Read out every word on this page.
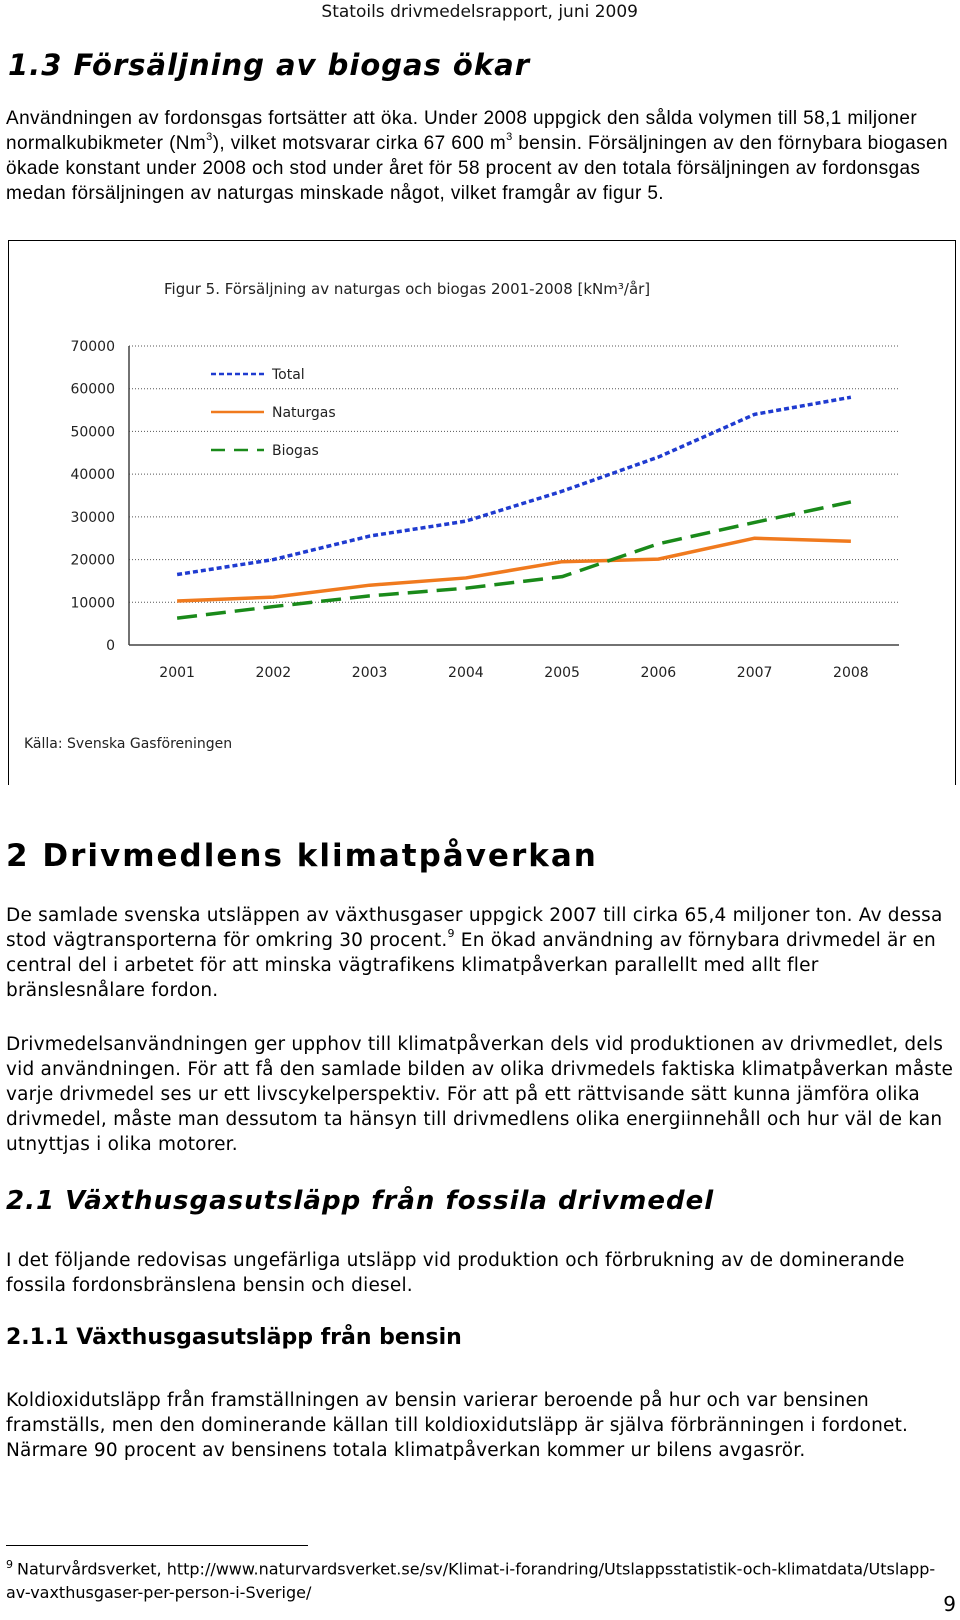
Statoils drivmedelsrapport, juni 2009
1.3 Försäljning av biogas ökar

Användningen av fordonsgas fortsätter att öka. Under 2008 uppgick den sålda volymen till 58,1 miljoner normalkubikmeter (Nm$^3$), vilket motsvarar cirka 67 600 $m^3$ bensin. Försäljningen av den förnybara biogasen ökade konstant under 2008 och stod under året för 58 procent av den totala försäljningen av fordonsgas medan försäljningen av naturgas minskade något, vilket framgår av figur 5.

Figur 5. Försäljning av naturgas och biogas 2001-2008 [kNm³/år]
0
10000
20000
30000
40000
50000
60000
70000
2001	2002	2003	2004	2005	2006	2007	2008
Total
Naturgas
Biogas
Källa: Svenska Gasföreningen
2 Drivmedlens klimatpåverkan

De samlade svenska utsläppen av växthusgaser uppgick 2007 till cirka 65,4 miljoner ton. Av dessa stod vägtransporterna för omkring 30 procent.$^9$ En ökad användning av förnybara drivmedel är en central del i arbetet för att minska vägtrafikens klimatpåverkan parallellt med allt fler bränslesnålare fordon.

Drivmedelsanvändningen ger upphov till klimatpåverkan dels vid produktionen av drivmedlet, dels vid användningen. För att få den samlade bilden av olika drivmedels faktiska klimatpåverkan måste varje drivmedel ses ur ett livscykelperspektiv. För att på ett rättvisande sätt kunna jämföra olika drivmedel, måste man dessutom ta hänsyn till drivmedlens olika energiinnehåll och hur väl de kan utnyttjas i olika motorer.

2.1 Växthusgasutsläpp från fossila drivmedel

I det följande redovisas ungefärliga utsläpp vid produktion och förbrukning av de dominerande fossila fordonsbränslena bensin och diesel.

2.1.1 Växthusgasutsläpp från bensin

Koldioxidutsläpp från framställningen av bensin varierar beroende på hur och var bensinen framställs, men den dominerande källan till koldioxidutsläpp är själva förbränningen i fordonet. Närmare 90 procent av bensinens totala klimatpåverkan kommer ur bilens avgasrör.

$^9$ Naturvårdsverket, http://www.naturvardsverket.se/sv/Klimat-i-forandring/Utslappsstatistik-och-klimatdata/Utslapp-av-vaxthusgaser-per-person-i-Sverige/	9
